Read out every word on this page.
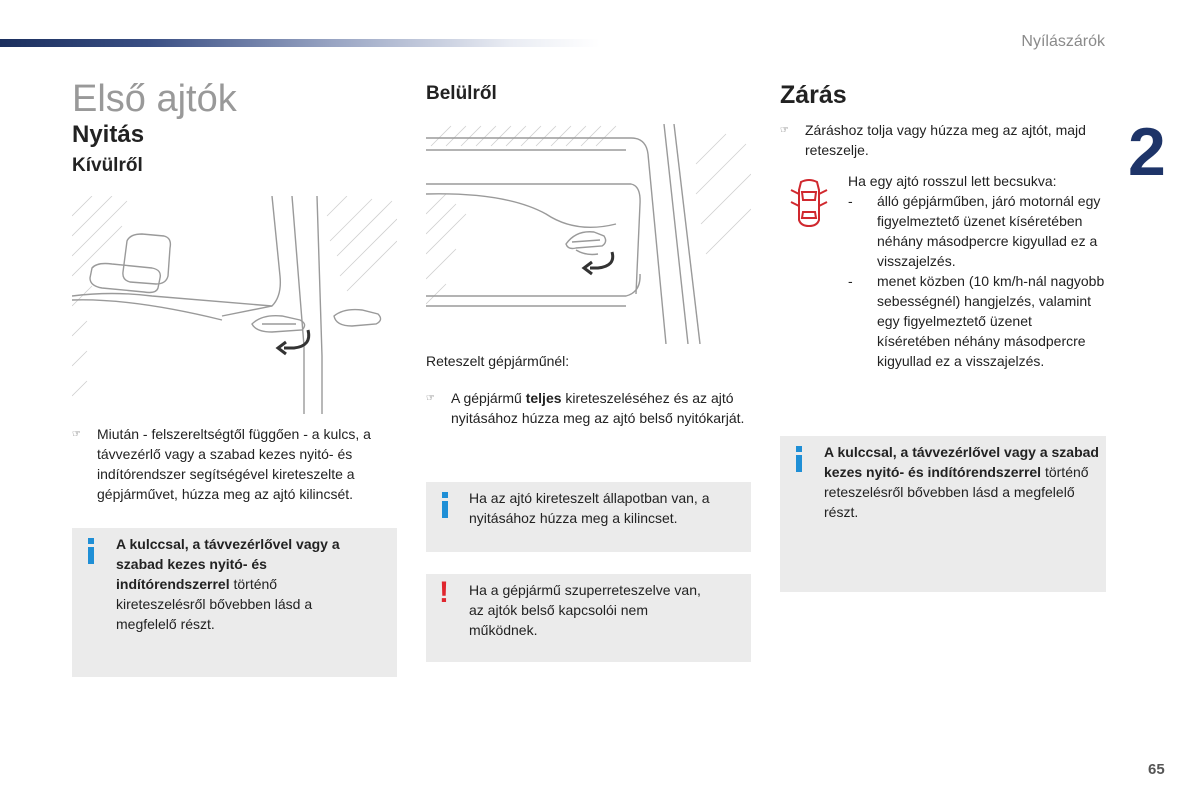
Nyílászárók
2
65
Első ajtók
Nyitás
Kívülről
☞	Miután - felszereltségtől függően - a kulcs, a távvezérlő vagy a szabad kezes nyitó- és indítórendszer segítségével kireteszelte a gépjárművet, húzza meg az ajtó kilincsét.
A kulccsal, a távvezérlővel vagy a szabad kezes nyitó- és indítórendszerrel történő kireteszelésről bővebben lásd a megfelelő részt.
Belülről
Reteszelt gépjárműnél:
☞	A gépjármű teljes kireteszeléséhez és az ajtó nyitásához húzza meg az ajtó belső nyitókarját.
Ha az ajtó kireteszelt állapotban van, a nyitásához húzza meg a kilincset.
! Ha a gépjármű szuperreteszelve van, az ajtók belső kapcsolói nem működnek.
Zárás
☞	Záráshoz tolja vagy húzza meg az ajtót, majd reteszelje.
Ha egy ajtó rosszul lett becsukva:
-	álló gépjárműben, járó motornál egy figyelmeztető üzenet kíséretében néhány másodpercre kigyullad ez a visszajelzés.
-	menet közben (10 km/h-nál nagyobb sebességnél) hangjelzés, valamint egy figyelmeztető üzenet kíséretében néhány másodpercre kigyullad ez a visszajelzés.
A kulccsal, a távvezérlővel vagy a szabad kezes nyitó- és indítórendszerrel történő reteszelésről bővebben lásd a megfelelő részt.
